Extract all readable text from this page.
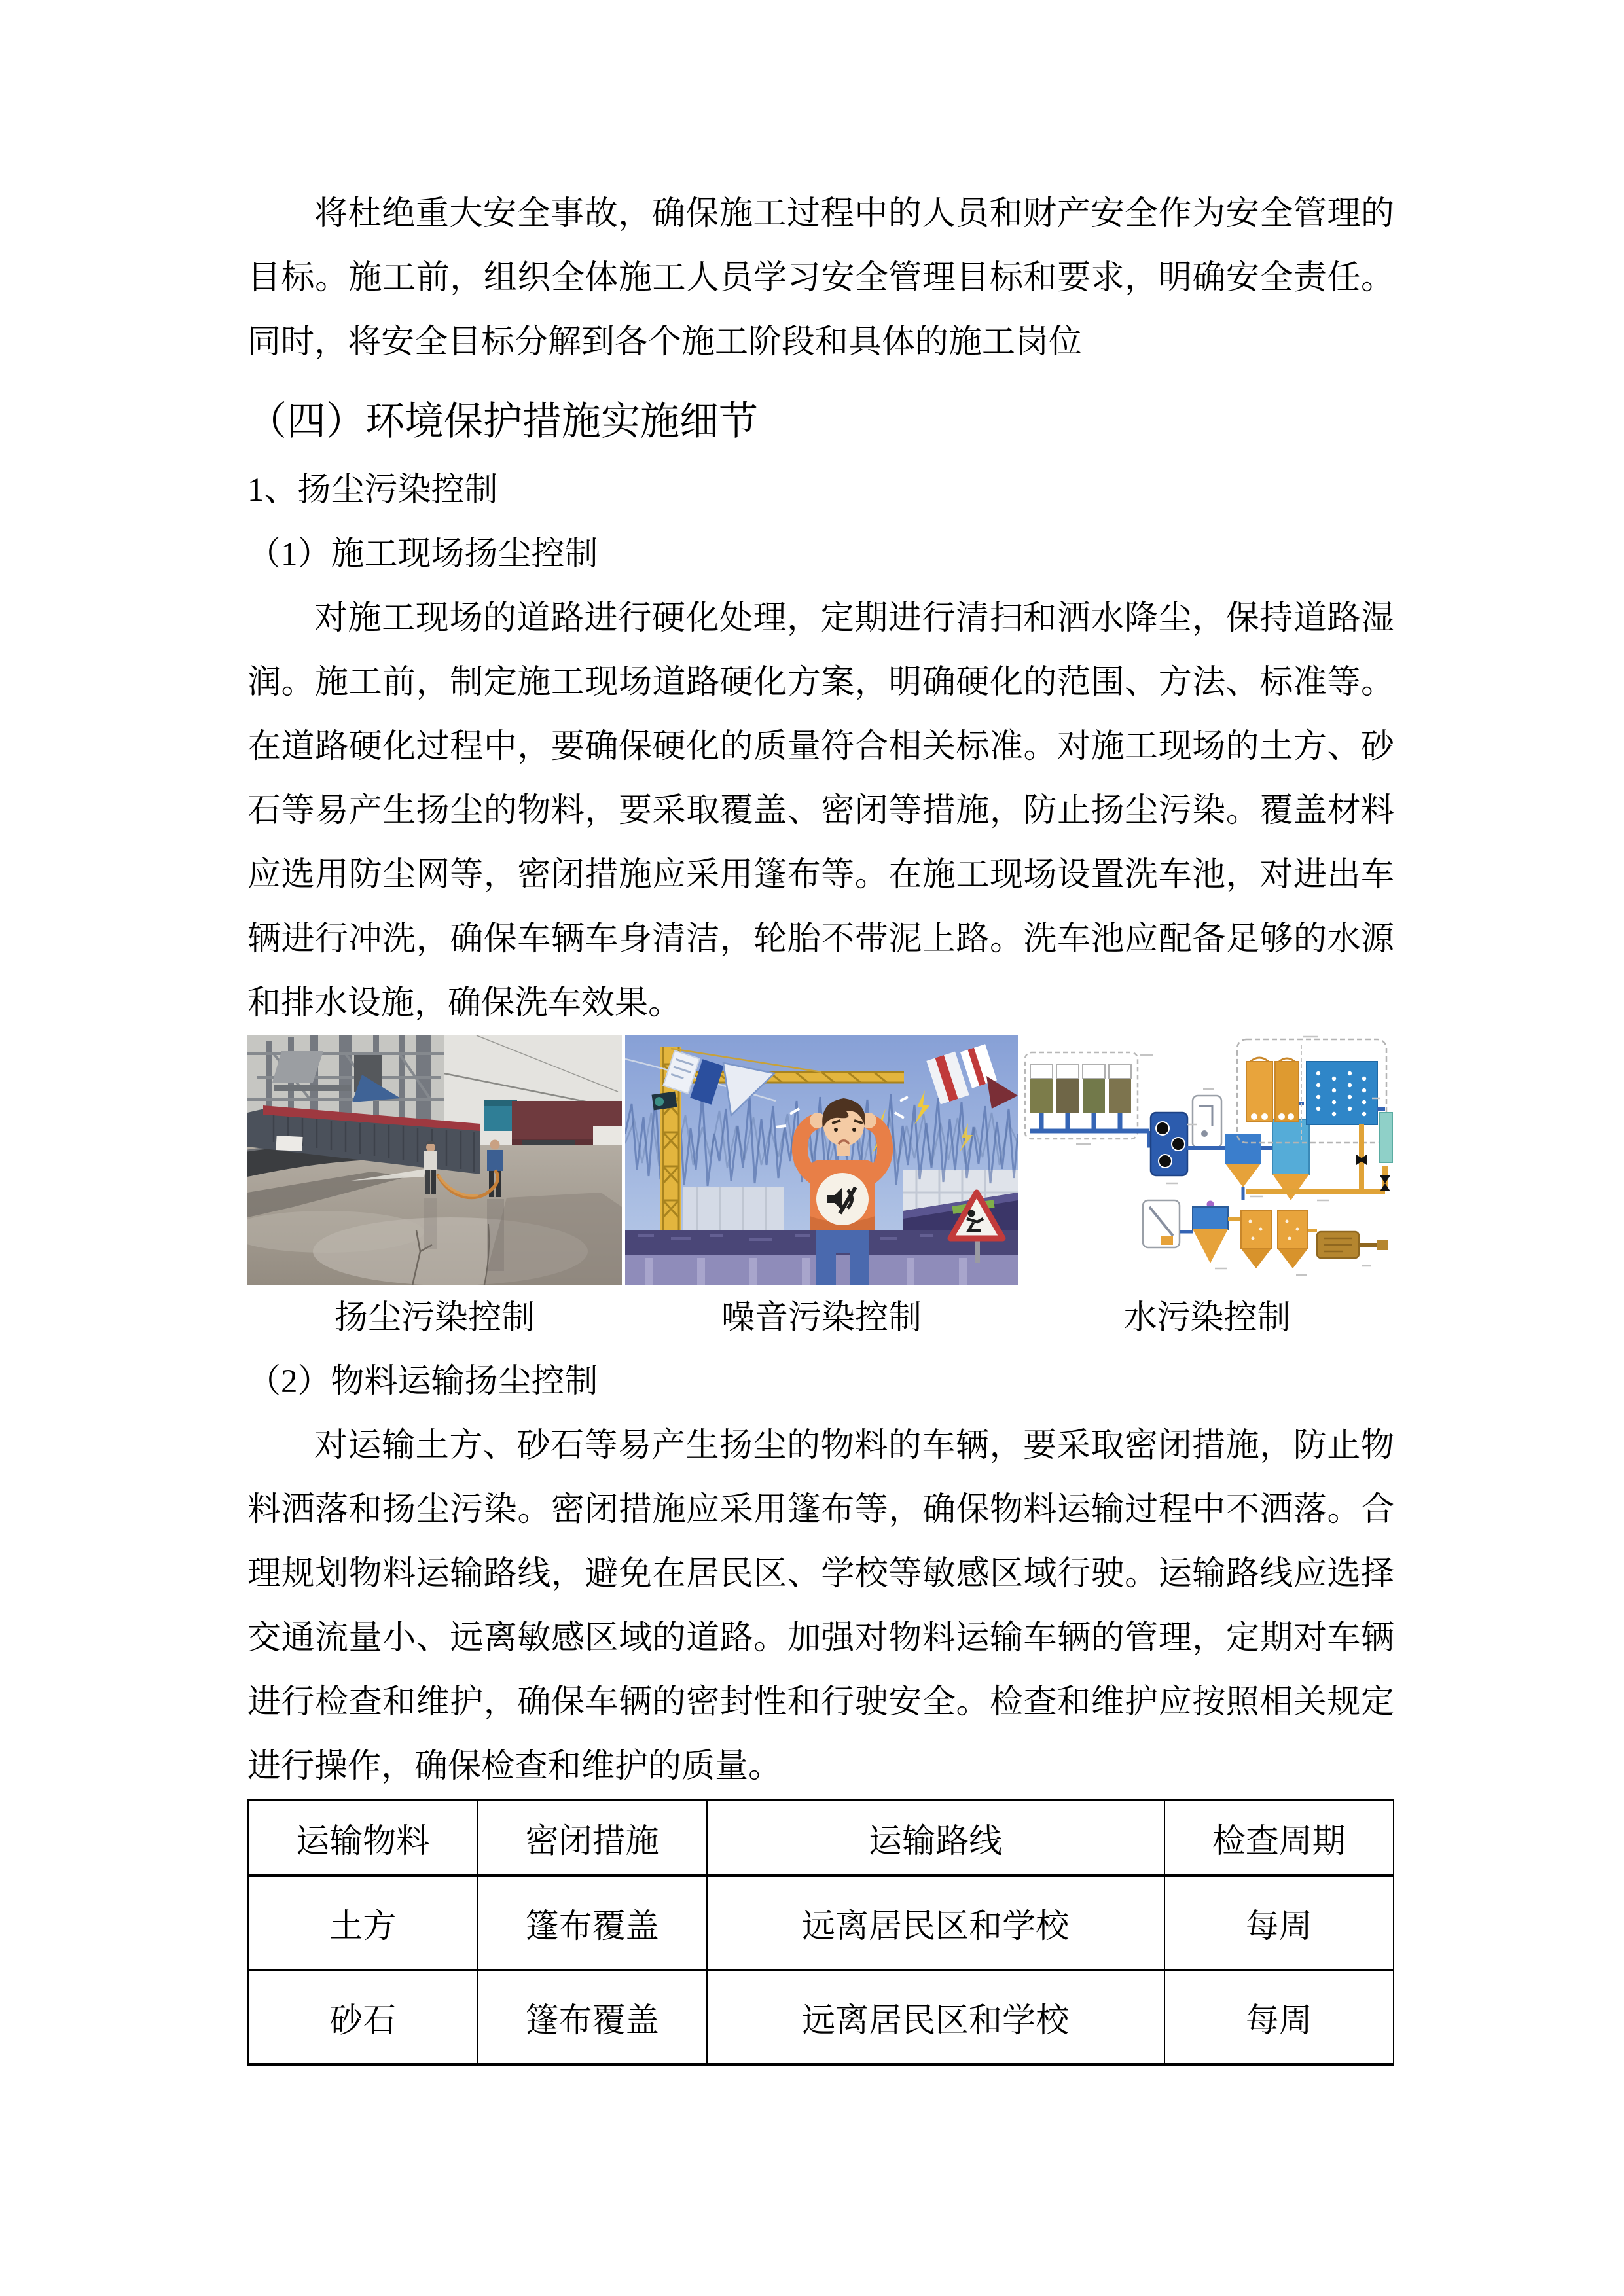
将杜绝重大安全事故，确保施工过程中的人员和财产安全作为安全管理的目标。施工前，组织全体施工人员学习安全管理目标和要求，明确安全责任。同时，将安全目标分解到各个施工阶段和具体的施工岗位

（四）环境保护措施实施细节

1、扬尘污染控制

（1）施工现场扬尘控制

对施工现场的道路进行硬化处理，定期进行清扫和洒水降尘，保持道路湿润。施工前，制定施工现场道路硬化方案，明确硬化的范围、方法、标准等。在道路硬化过程中，要确保硬化的质量符合相关标准。对施工现场的土方、砂石等易产生扬尘的物料，要采取覆盖、密闭等措施，防止扬尘污染。覆盖材料应选用防尘网等，密闭措施应采用篷布等。在施工现场设置洗车池，对进出车辆进行冲洗，确保车辆车身清洁，轮胎不带泥上路。洗车池应配备足够的水源和排水设施，确保洗车效果。

扬尘污染控制	噪音污染控制	水污染控制

（2）物料运输扬尘控制

对运输土方、砂石等易产生扬尘的物料的车辆，要采取密闭措施，防止物料洒落和扬尘污染。密闭措施应采用篷布等，确保物料运输过程中不洒落。合理规划物料运输路线，避免在居民区、学校等敏感区域行驶。运输路线应选择交通流量小、远离敏感区域的道路。加强对物料运输车辆的管理，定期对车辆进行检查和维护，确保车辆的密封性和行驶安全。检查和维护应按照相关规定进行操作，确保检查和维护的质量。

运输物料	密闭措施	运输路线	检查周期
土方	篷布覆盖	远离居民区和学校	每周
砂石	篷布覆盖	远离居民区和学校	每周
